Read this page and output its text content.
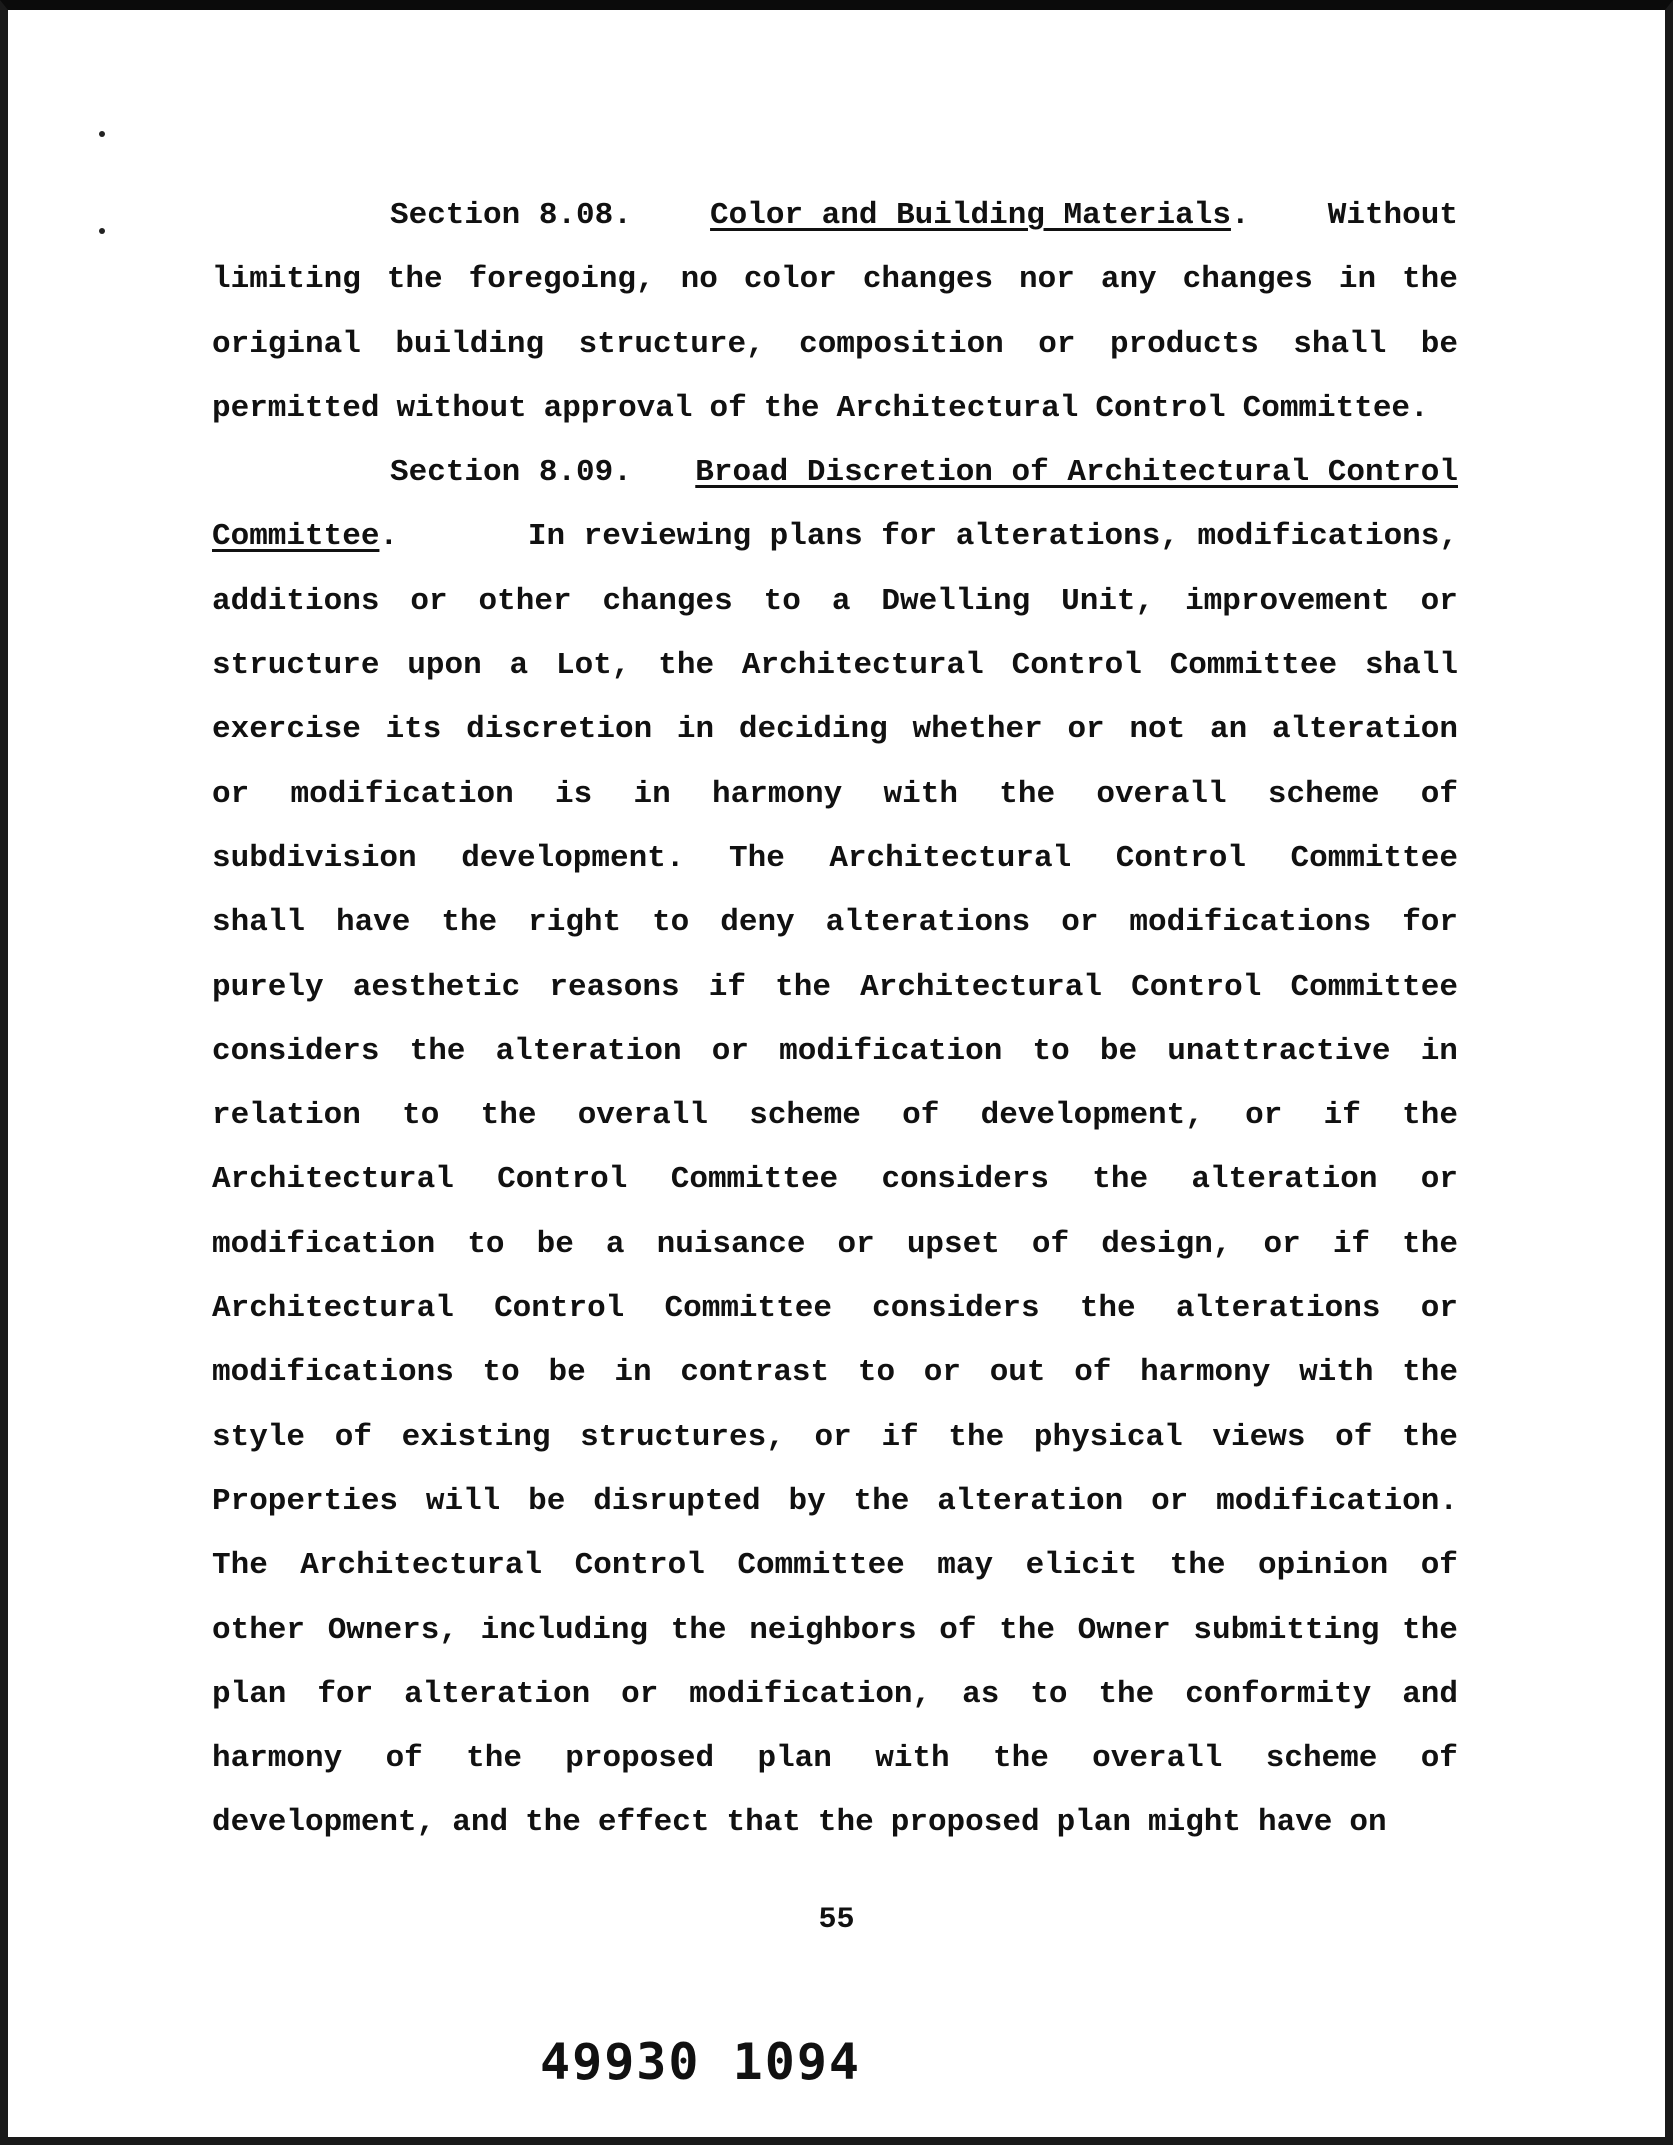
Section 8.08.	Color and Building Materials.	Without
limiting the foregoing, no color changes nor any changes in the
original building structure, composition or products shall be
permitted without approval of the Architectural Control Committee.
Section 8.09. Broad Discretion of Architectural Control
Committee.	In reviewing plans for alterations, modifications,
additions or other changes to a Dwelling Unit, improvement or
structure upon a Lot, the Architectural Control Committee shall
exercise its discretion in deciding whether or not an alteration
or modification is in harmony with the overall scheme of
subdivision development. The Architectural Control Committee
shall have the right to deny alterations or modifications for
purely aesthetic reasons if the Architectural Control Committee
considers the alteration or modification to be unattractive in
relation to the overall scheme of development, or if the
Architectural Control Committee considers the alteration or
modification to be a nuisance or upset of design, or if the
Architectural Control Committee considers the alterations or
modifications to be in contrast to or out of harmony with the
style of existing structures, or if the physical views of the
Properties will be disrupted by the alteration or modification.
The Architectural Control Committee may elicit the opinion of
other Owners, including the neighbors of the Owner submitting the
plan for alteration or modification, as to the conformity and
harmony of the proposed plan with the overall scheme of
development, and the effect that the proposed plan might have on
55
49930 1094
